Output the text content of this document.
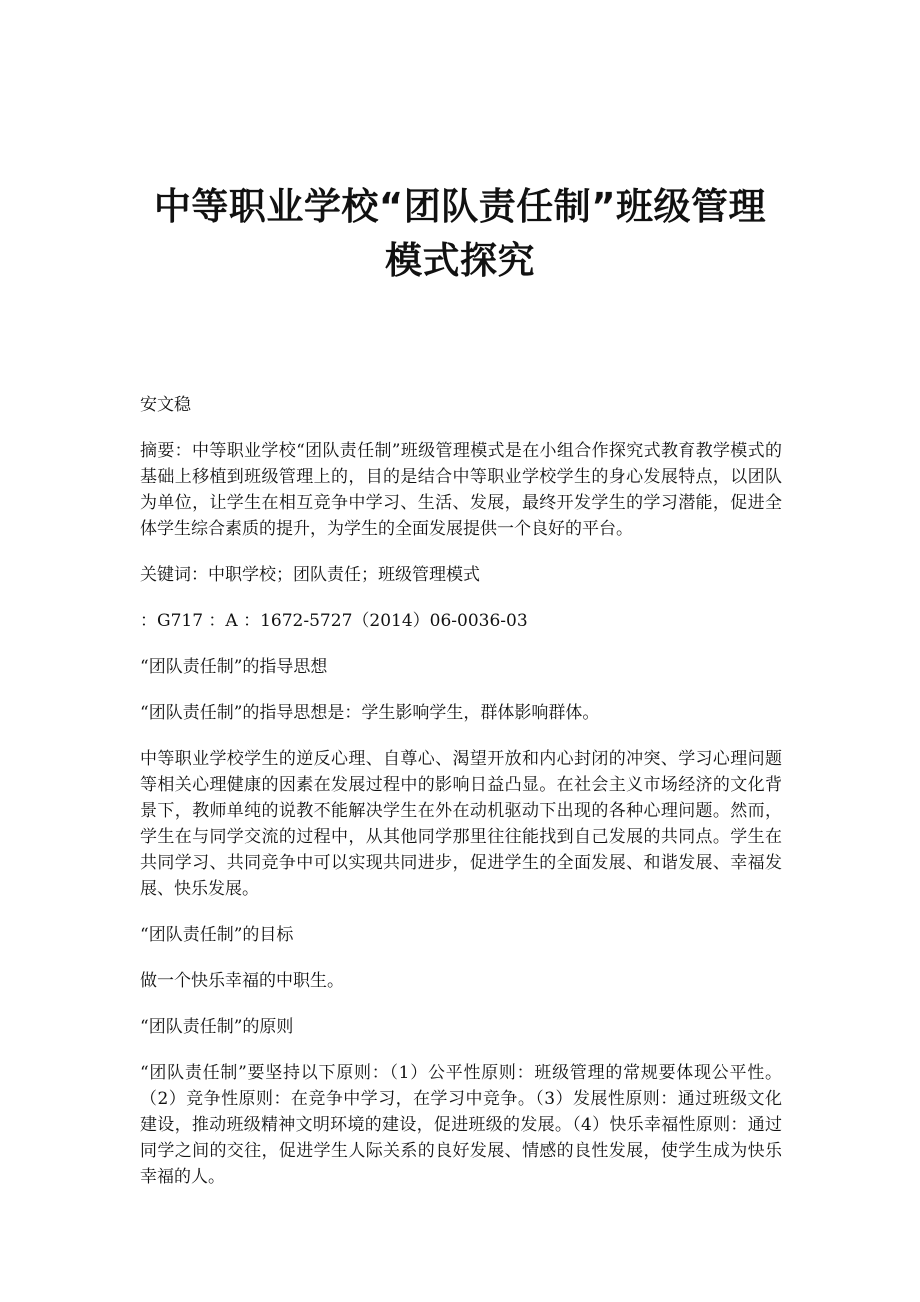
中等职业学校“团队责任制”班级管理
模式探究

安文稳

摘要：中等职业学校“团队责任制”班级管理模式是在小组合作探究式教育教学模式的基础上移植到班级管理上的，目的是结合中等职业学校学生的身心发展特点，以团队为单位，让学生在相互竞争中学习、生活、发展，最终开发学生的学习潜能，促进全体学生综合素质的提升，为学生的全面发展提供一个良好的平台。

关键词：中职学校；团队责任；班级管理模式

：G717 ：A ：1672-5727（2014）06-0036-03

“团队责任制”的指导思想

“团队责任制”的指导思想是：学生影响学生，群体影响群体。

中等职业学校学生的逆反心理、自尊心、渴望开放和内心封闭的冲突、学习心理问题等相关心理健康的因素在发展过程中的影响日益凸显。在社会主义市场经济的文化背景下，教师单纯的说教不能解决学生在外在动机驱动下出现的各种心理问题。然而，学生在与同学交流的过程中，从其他同学那里往往能找到自己发展的共同点。学生在共同学习、共同竞争中可以实现共同进步，促进学生的全面发展、和谐发展、幸福发展、快乐发展。

“团队责任制”的目标

做一个快乐幸福的中职生。

“团队责任制”的原则

“团队责任制”要坚持以下原则：（1）公平性原则：班级管理的常规要体现公平性。（2）竞争性原则：在竞争中学习，在学习中竞争。（3）发展性原则：通过班级文化建设，推动班级精神文明环境的建设，促进班级的发展。（4）快乐幸福性原则：通过同学之间的交往，促进学生人际关系的良好发展、情感的良性发展，使学生成为快乐幸福的人。
